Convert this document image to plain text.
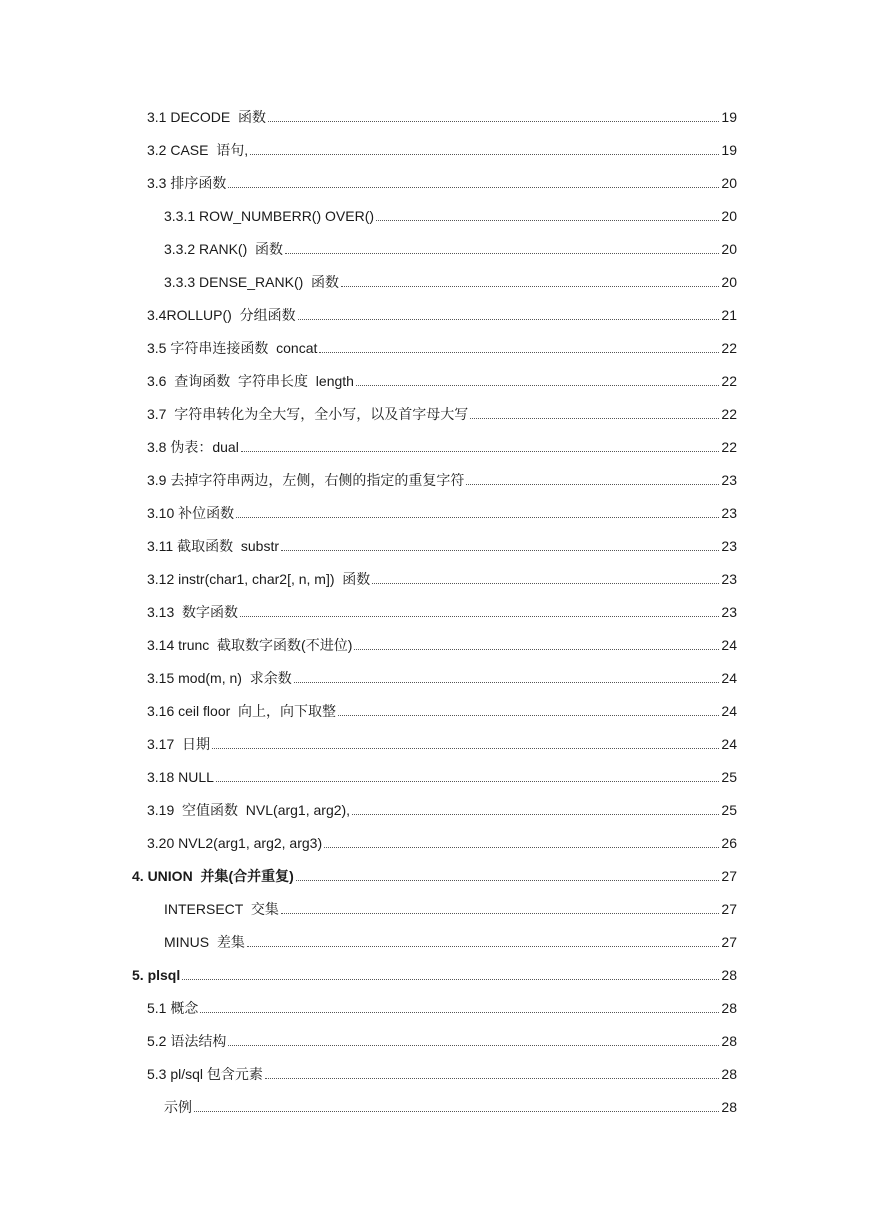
3.1 DECODE  函数	19
3.2 CASE  语句,	19
3.3 排序函数	20
3.3.1 ROW_NUMBERR() OVER()	20
3.3.2 RANK()  函数	20
3.3.3 DENSE_RANK()  函数	20
3.4ROLLUP()  分组函数	21
3.5 字符串连接函数  concat	22
3.6  查询函数  字符串长度  length	22
3.7  字符串转化为全大写，全小写，以及首字母大写	22
3.8 伪表：dual	22
3.9 去掉字符串两边，左侧，右侧的指定的重复字符	23
3.10 补位函数	23
3.11 截取函数  substr	23
3.12 instr(char1, char2[, n, m])  函数	23
3.13  数字函数	23
3.14 trunc  截取数字函数(不进位)	24
3.15 mod(m, n)  求余数	24
3.16 ceil floor  向上，向下取整	24
3.17  日期	24
3.18 NULL	25
3.19  空值函数  NVL(arg1, arg2),	25
3.20 NVL2(arg1, arg2, arg3)	26
4. UNION  并集(合并重复)	27
INTERSECT  交集	27
MINUS  差集	27
5. plsql	28
5.1 概念	28
5.2 语法结构	28
5.3 pl/sql 包含元素	28
示例	28
